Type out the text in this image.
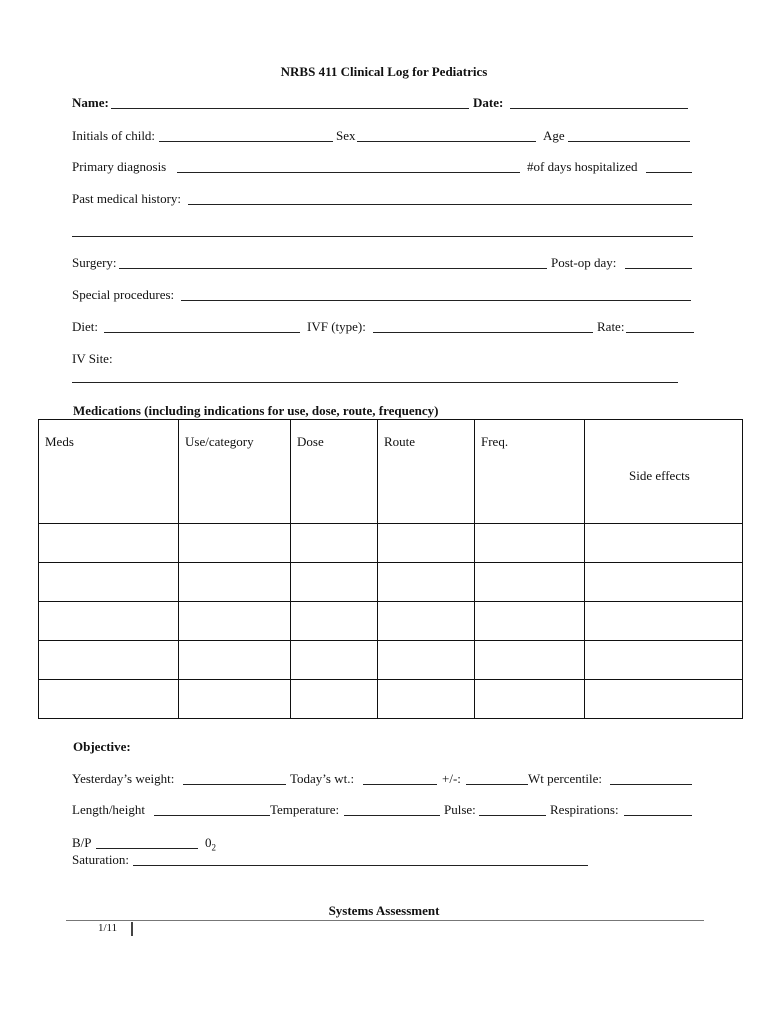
NRBS 411 Clinical Log for Pediatrics
Name:	Date:
Initials of child:	Sex	Age
Primary diagnosis	#of days hospitalized
Past medical history:
Surgery:	Post-op day:
Special procedures:
Diet:	IVF (type):	Rate:
IV Site:
Medications (including indications for use, dose, route, frequency)
Meds	Use/category	Dose	Route	Freq.	Side effects

Objective:
Yesterday’s weight:	Today’s wt.:	+/-:	Wt percentile:
Length/height	Temperature:	Pulse:	Respirations:
B/P	$0_2$
Saturation:
Systems Assessment
1/11
